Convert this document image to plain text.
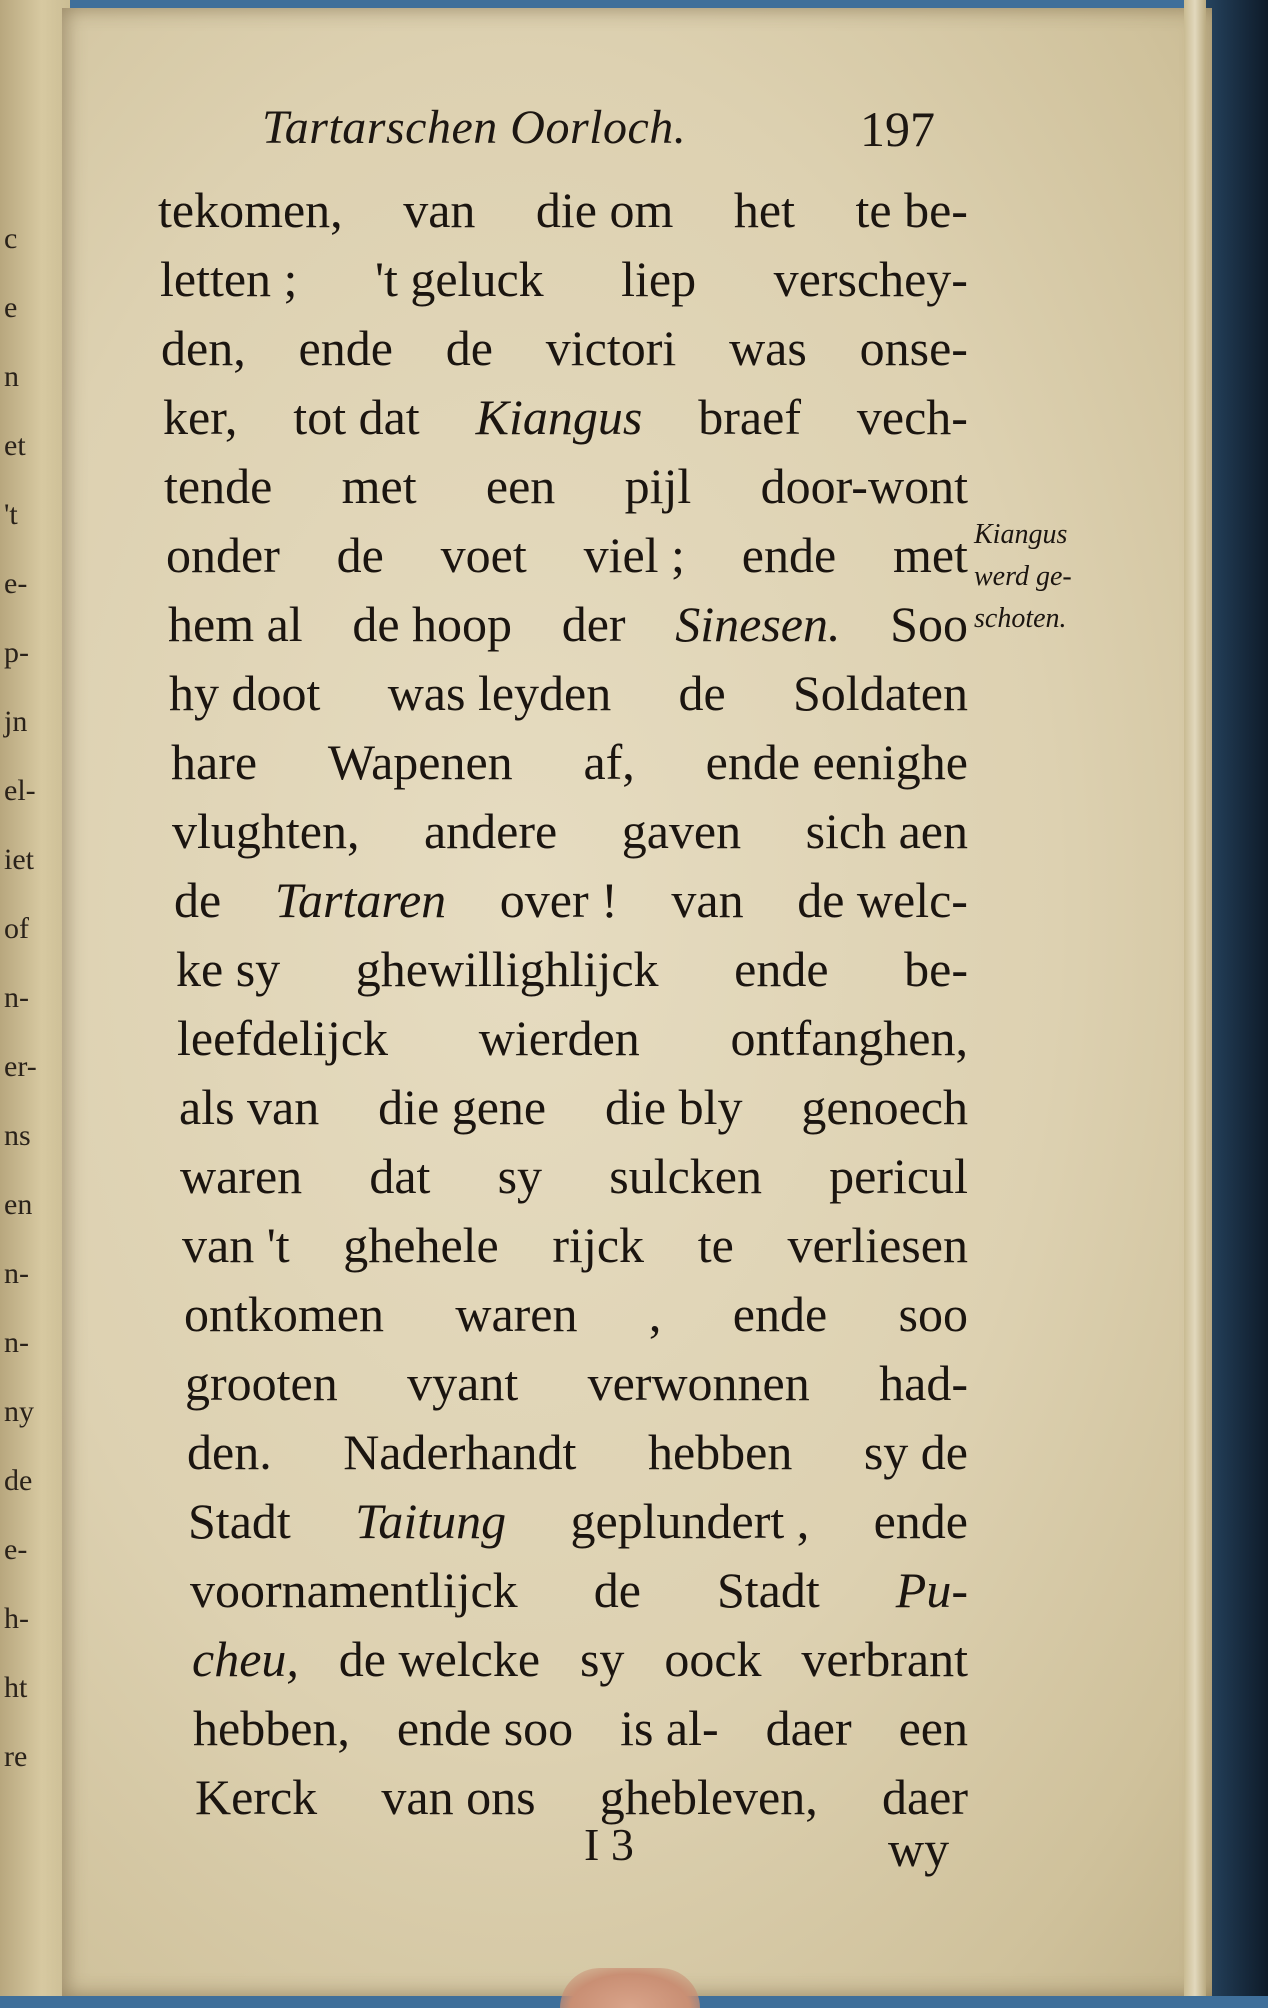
c
e
n
et
't
e-
p-
jn
el-
iet
of
n-
er-
ns
en
n-
n-
ny
de
e-
h-
ht
re
Tartarschen Oorloch.	197
tekomen, van die om het te be-
letten ; 't geluck liep verschey-
den, ende de victori was onse-
ker, tot dat Kiangus braef vech-
tende met een pijl door-wont
onder de voet viel ; ende met
hem al de hoop der Sinesen. Soo
hy doot was leyden de Soldaten
hare Wapenen af, ende eenighe
vlughten, andere gaven sich aen
de Tartaren over ! van de welc-
ke sy ghewillighlijck ende be-
leefdelijck wierden ontfanghen,
als van die gene die bly genoech
waren dat sy sulcken pericul
van 't ghehele rijck te verliesen
ontkomen waren , ende soo
grooten vyant verwonnen had-
den. Naderhandt hebben sy de
Stadt Taitung geplundert , ende
voornamentlijck de Stadt Pu-
cheu, de welcke sy oock verbrant
hebben, ende soo is al- daer een
Kerck van ons ghebleven, daer
Kiangus
werd ge-
schoten.
I 3	wy
